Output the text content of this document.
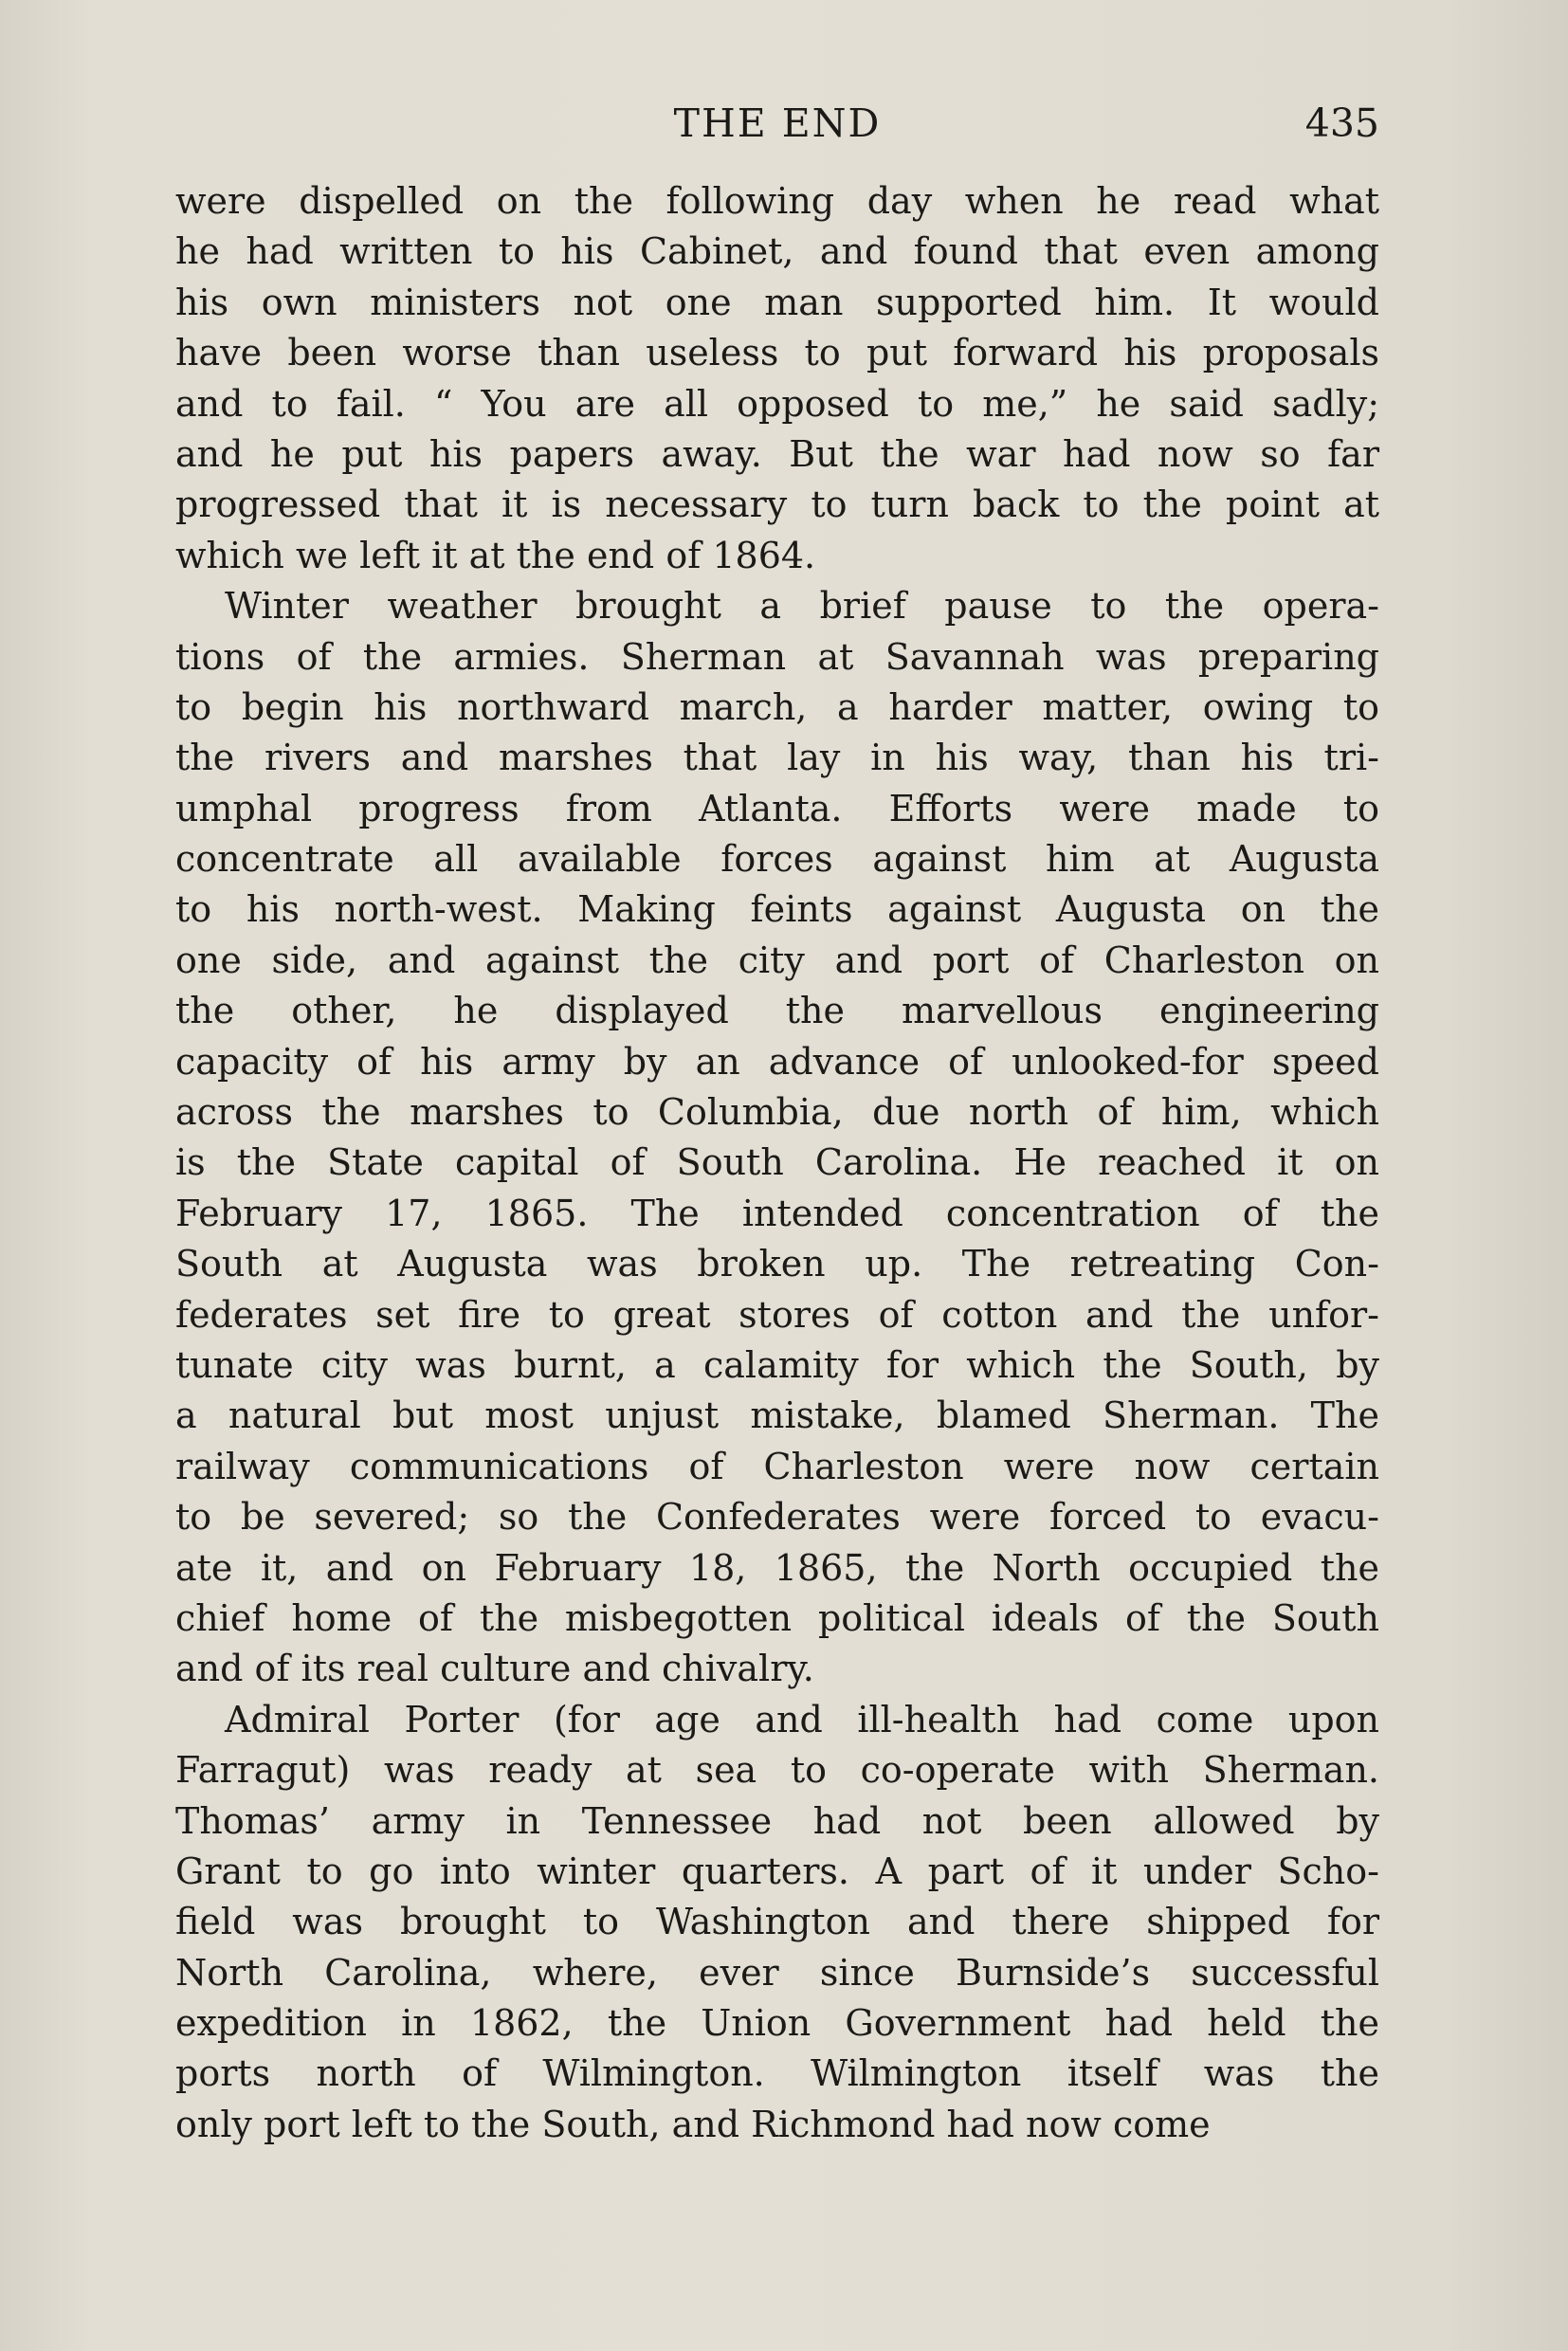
THE END	435
were dispelled on the following day when he read what
he had written to his Cabinet, and found that even among
his own ministers not one man supported him. It would
have been worse than useless to put forward his proposals
and to fail. “ You are all opposed to me,” he said sadly;
and he put his papers away. But the war had now so far
progressed that it is necessary to turn back to the point at
which we left it at the end of 1864.
Winter weather brought a brief pause to the opera-
tions of the armies. Sherman at Savannah was preparing
to begin his northward march, a harder matter, owing to
the rivers and marshes that lay in his way, than his tri-
umphal progress from Atlanta. Efforts were made to
concentrate all available forces against him at Augusta
to his north-west. Making feints against Augusta on the
one side, and against the city and port of Charleston on
the other, he displayed the marvellous engineering
capacity of his army by an advance of unlooked-for speed
across the marshes to Columbia, due north of him, which
is the State capital of South Carolina. He reached it on
February 17, 1865. The intended concentration of the
South at Augusta was broken up. The retreating Con-
federates set fire to great stores of cotton and the unfor-
tunate city was burnt, a calamity for which the South, by
a natural but most unjust mistake, blamed Sherman. The
railway communications of Charleston were now certain
to be severed; so the Confederates were forced to evacu-
ate it, and on February 18, 1865, the North occupied the
chief home of the misbegotten political ideals of the South
and of its real culture and chivalry.
Admiral Porter (for age and ill-health had come upon
Farragut) was ready at sea to co-operate with Sherman.
Thomas’ army in Tennessee had not been allowed by
Grant to go into winter quarters. A part of it under Scho-
field was brought to Washington and there shipped for
North Carolina, where, ever since Burnside’s successful
expedition in 1862, the Union Government had held the
ports north of Wilmington. Wilmington itself was the
only port left to the South, and Richmond had now come
